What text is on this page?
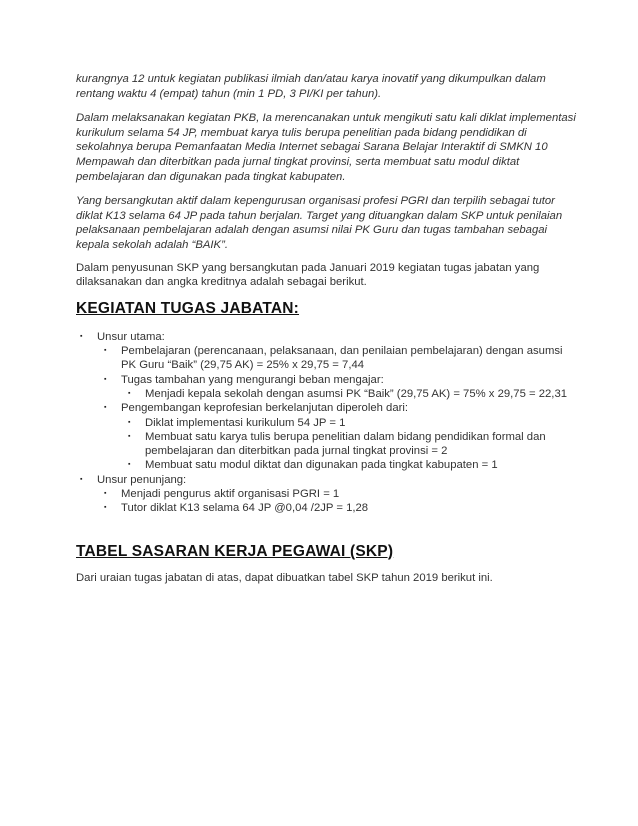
kurangnya 12 untuk kegiatan publikasi ilmiah dan/atau karya inovatif yang dikumpulkan dalam rentang waktu 4 (empat) tahun (min 1 PD, 3 PI/KI per tahun).

Dalam melaksanakan kegiatan PKB, Ia merencanakan untuk mengikuti satu kali diklat implementasi kurikulum selama 54 JP, membuat karya tulis berupa penelitian pada bidang pendidikan di sekolahnya berupa Pemanfaatan Media Internet sebagai Sarana Belajar Interaktif di SMKN 10 Mempawah dan diterbitkan pada jurnal tingkat provinsi, serta membuat satu modul diktat pembelajaran dan digunakan pada tingkat kabupaten.

Yang bersangkutan aktif dalam kepengurusan organisasi profesi PGRI dan terpilih sebagai tutor diklat K13 selama 64 JP pada tahun berjalan. Target yang dituangkan dalam SKP untuk penilaian pelaksanaan pembelajaran adalah dengan asumsi nilai PK Guru dan tugas tambahan sebagai kepala sekolah adalah “BAIK”.

Dalam penyusunan SKP yang bersangkutan pada Januari 2019 kegiatan tugas jabatan yang dilaksanakan dan angka kreditnya adalah sebagai berikut.

KEGIATAN TUGAS JABATAN:
▪ Unsur utama:
▪ Pembelajaran (perencanaan, pelaksanaan, dan penilaian pembelajaran) dengan asumsi PK Guru “Baik” (29,75 AK) = 25% x 29,75 = 7,44
▪ Tugas tambahan yang mengurangi beban mengajar:
▪ Menjadi kepala sekolah dengan asumsi PK “Baik” (29,75 AK) = 75% x 29,75 = 22,31
▪ Pengembangan keprofesian berkelanjutan diperoleh dari:
▪ Diklat implementasi kurikulum 54 JP = 1
▪ Membuat satu karya tulis berupa penelitian dalam bidang pendidikan formal dan pembelajaran dan diterbitkan pada jurnal tingkat provinsi = 2
▪ Membuat satu modul diktat dan digunakan pada tingkat kabupaten = 1
▪ Unsur penunjang:
▪ Menjadi pengurus aktif organisasi PGRI = 1
▪ Tutor diklat K13 selama 64 JP @0,04 /2JP = 1,28
TABEL SASARAN KERJA PEGAWAI (SKP)

Dari uraian tugas jabatan di atas, dapat dibuatkan tabel SKP tahun 2019 berikut ini.
